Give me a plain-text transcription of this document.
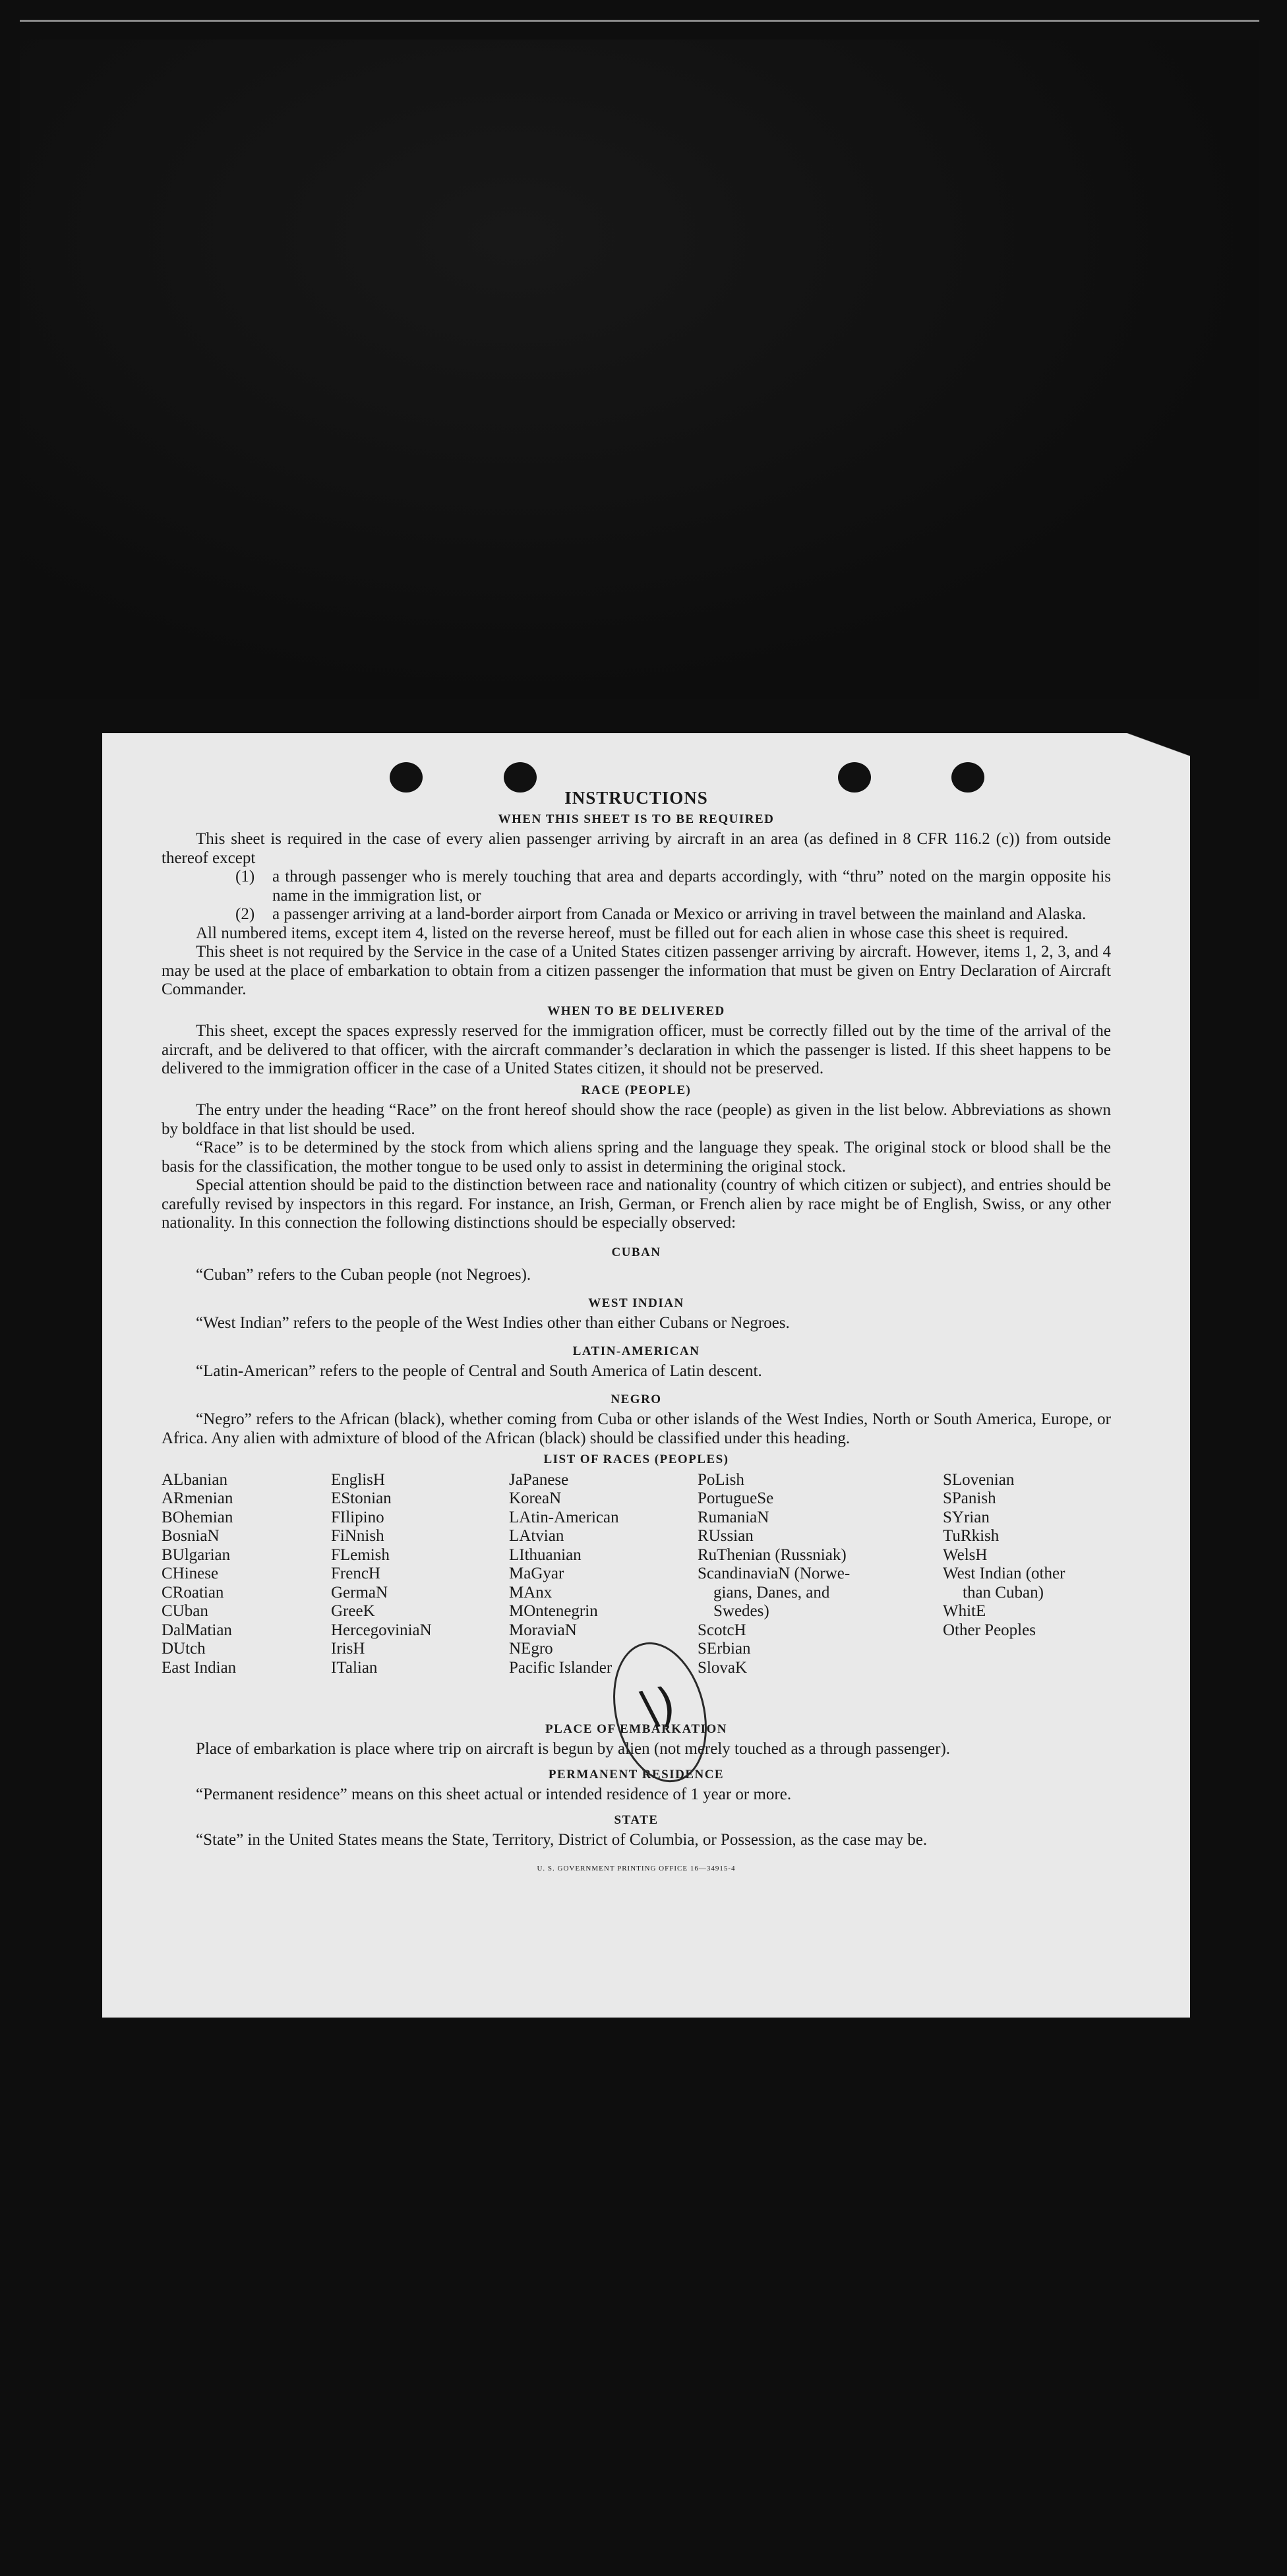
INSTRUCTIONS
WHEN THIS SHEET IS TO BE REQUIRED

This sheet is required in the case of every alien passenger arriving by aircraft in an area (as defined in 8 CFR 116.2 (c)) from outside thereof except

(1) a through passenger who is merely touching that area and departs accordingly, with “thru” noted on the margin opposite his name in the immigration list, or
(2) a passenger arriving at a land-border airport from Canada or Mexico or arriving in travel between the mainland and Alaska.

All numbered items, except item 4, listed on the reverse hereof, must be filled out for each alien in whose case this sheet is required.

This sheet is not required by the Service in the case of a United States citizen passenger arriving by aircraft. However, items 1, 2, 3, and 4 may be used at the place of embarkation to obtain from a citizen passenger the information that must be given on Entry Declaration of Aircraft Commander.

WHEN TO BE DELIVERED

This sheet, except the spaces expressly reserved for the immigration officer, must be correctly filled out by the time of the arrival of the aircraft, and be delivered to that officer, with the aircraft commander’s declaration in which the passenger is listed. If this sheet happens to be delivered to the immigration officer in the case of a United States citizen, it should not be preserved.

RACE (PEOPLE)

The entry under the heading “Race” on the front hereof should show the race (people) as given in the list below. Abbreviations as shown by boldface in that list should be used.

“Race” is to be determined by the stock from which aliens spring and the language they speak. The original stock or blood shall be the basis for the classification, the mother tongue to be used only to assist in determining the original stock.

Special attention should be paid to the distinction between race and nationality (country of which citizen or subject), and entries should be carefully revised by inspectors in this regard. For instance, an Irish, German, or French alien by race might be of English, Swiss, or any other nationality. In this connection the following distinctions should be especially observed:

CUBAN

“Cuban” refers to the Cuban people (not Negroes).

WEST INDIAN

“West Indian” refers to the people of the West Indies other than either Cubans or Negroes.

LATIN-AMERICAN

“Latin-American” refers to the people of Central and South America of Latin descent.

NEGRO

“Negro” refers to the African (black), whether coming from Cuba or other islands of the West Indies, North or South America, Europe, or Africa. Any alien with admixture of blood of the African (black) should be classified under this heading.

LIST OF RACES (PEOPLES)
ALbanian
ARmenian
BOhemian
BosniaN
BUlgarian
CHinese
CRoatian
CUban
DalMatian
DUtch
East Indian
EnglisH
EStonian
FIlipino
FiNnish
FLemish
FrencH
GermaN
GreeK
HercegoviniaN
IrisH
ITalian
JaPanese
KoreaN
LAtin-American
LAtvian
LIthuanian
MaGyar
MAnx
MOntenegrin
MoraviaN
NEgro
Pacific Islander
PoLish
PortugueSe
RumaniaN
RUssian
RuThenian (Russniak)
ScandinaviaN (Norwe-
gians, Danes, and
Swedes)
ScotcH
SErbian
SlovaK
SLovenian
SPanish
SYrian
TuRkish
WelsH
West Indian (other
than Cuban)
WhitE
Other Peoples
PLACE OF EMBARKATION

Place of embarkation is place where trip on aircraft is begun by alien (not merely touched as a through passenger).

PERMANENT RESIDENCE

“Permanent residence” means on this sheet actual or intended residence of 1 year or more.

STATE

“State” in the United States means the State, Territory, District of Columbia, or Possession, as the case may be.

U. S. GOVERNMENT PRINTING OFFICE 16—34915-4
\)
